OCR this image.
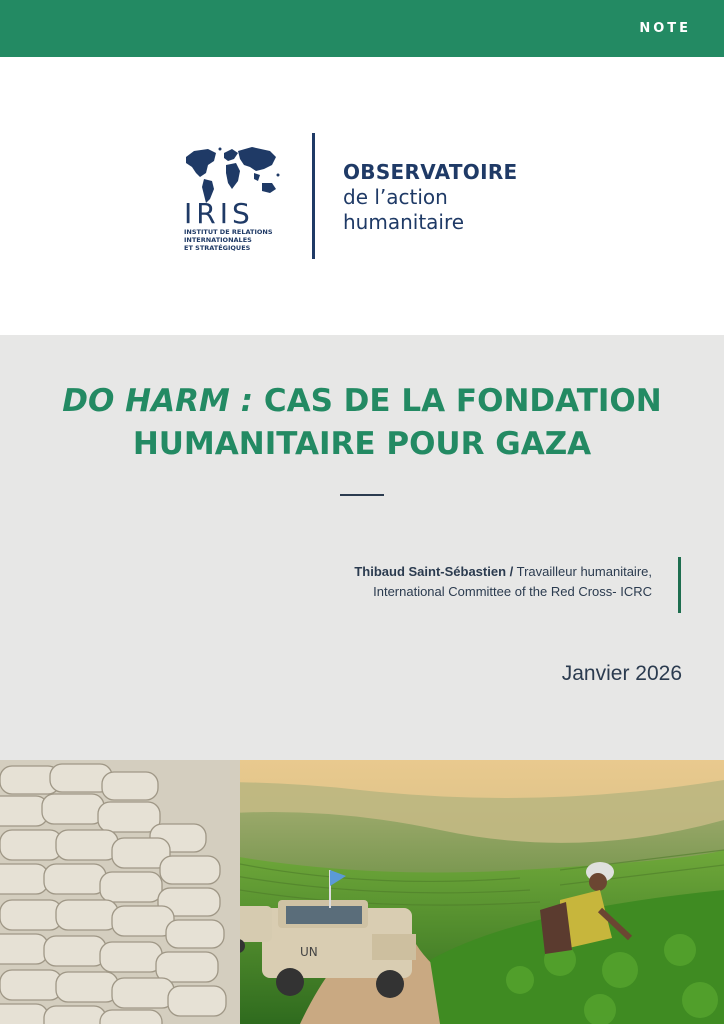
NOTE
IRIS
INSTITUT DE RELATIONS
INTERNATIONALES
ET STRATÉGIQUES
OBSERVATOIRE
de l’action
humanitaire
DO HARM : CAS DE LA FONDATION
HUMANITAIRE POUR GAZA
Thibaud Saint-Sébastien / Travailleur humanitaire,
International Committee of the Red Cross- ICRC
Janvier 2026
UN
